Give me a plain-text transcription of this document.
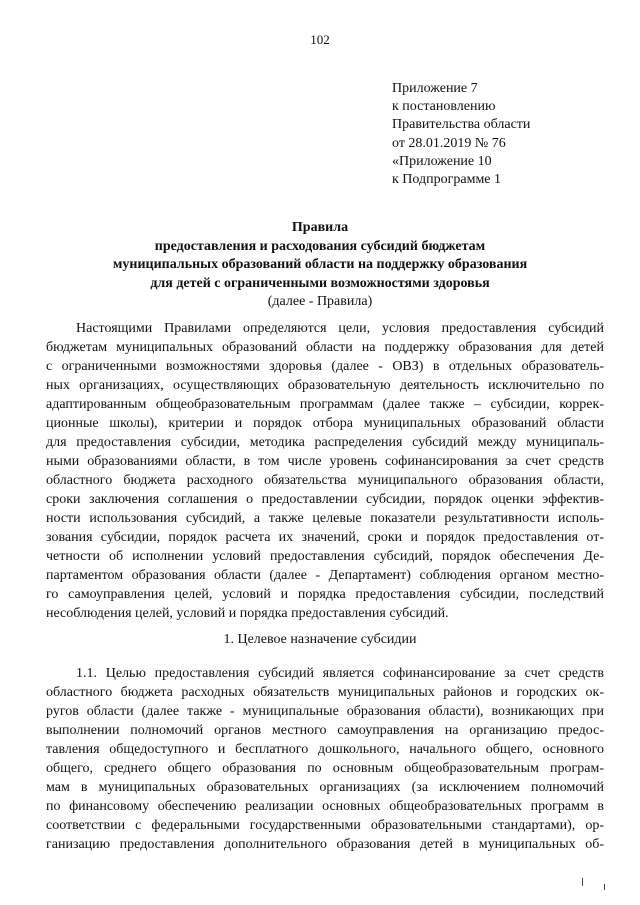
102
Приложение 7
к постановлению
Правительства области
от 28.01.2019 № 76
«Приложение 10
к Подпрограмме 1
Правила
предоставления и расходования субсидий бюджетам
муниципальных образований области на поддержку образования
для детей с ограниченными возможностями здоровья
(далее - Правила)
Настоящими Правилами определяются цели, условия предоставления субсидий
бюджетам муниципальных образований области на поддержку образования для детей
с ограниченными возможностями здоровья (далее - ОВЗ) в отдельных образователь-
ных организациях, осуществляющих образовательную деятельность исключительно по
адаптированным общеобразовательным программам (далее также – субсидии, коррек-
ционные школы), критерии и порядок отбора муниципальных образований области
для предоставления субсидии, методика распределения субсидий между муниципаль-
ными образованиями области, в том числе уровень софинансирования за счет средств
областного бюджета расходного обязательства муниципального образования области,
сроки заключения соглашения о предоставлении субсидии, порядок оценки эффектив-
ности использования субсидий, а также целевые показатели результативности исполь-
зования субсидии, порядок расчета их значений, сроки и порядок предоставления от-
четности об исполнении условий предоставления субсидий, порядок обеспечения Де-
партаментом образования области (далее - Департамент) соблюдения органом местно-
го самоуправления целей, условий и порядка предоставления субсидии, последствий
несоблюдения целей, условий и порядка предоставления субсидий.
1. Целевое назначение субсидии
1.1. Целью предоставления субсидий является софинансирование за счет средств
областного бюджета расходных обязательств муниципальных районов и городских ок-
ругов области (далее также - муниципальные образования области), возникающих при
выполнении полномочий органов местного самоуправления на организацию предос-
тавления общедоступного и бесплатного дошкольного, начального общего, основного
общего, среднего общего образования по основным общеобразовательным програм-
мам в муниципальных образовательных организациях (за исключением полномочий
по финансовому обеспечению реализации основных общеобразовательных программ в
соответствии с федеральными государственными образовательными стандартами), ор-
ганизацию предоставления дополнительного образования детей в муниципальных об-
